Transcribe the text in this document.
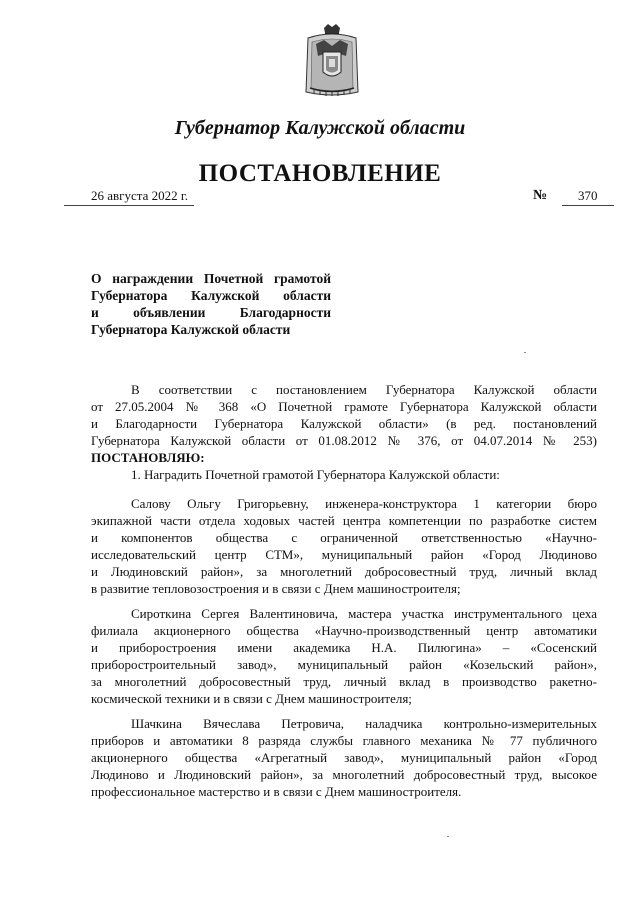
Губернатор Калужской области
ПОСТАНОВЛЕНИЕ
26 августа 2022 г.	№ 370
О награждении Почетной грамотой
Губернатора Калужской области
и объявлении Благодарности
Губернатора Калужской области
В соответствии с постановлением Губернатора Калужской области
от 27.05.2004 № 368 «О Почетной грамоте Губернатора Калужской области
и Благодарности Губернатора Калужской области» (в ред. постановлений
Губернатора Калужской области от 01.08.2012 № 376, от 04.07.2014 № 253)
ПОСТАНОВЛЯЮ:
1. Наградить Почетной грамотой Губернатора Калужской области:
Салову Ольгу Григорьевну, инженера-конструктора 1 категории бюро
экипажной части отдела ходовых частей центра компетенции по разработке систем
и компонентов общества с ограниченной ответственностью «Научно-
исследовательский центр СТМ», муниципальный район «Город Людиново
и Людиновский район», за многолетний добросовестный труд, личный вклад
в развитие тепловозостроения и в связи с Днем машиностроителя;
Сироткина Сергея Валентиновича, мастера участка инструментального цеха
филиала акционерного общества «Научно-производственный центр автоматики
и приборостроения имени академика Н.А. Пилюгина» – «Сосенский
приборостроительный завод», муниципальный район «Козельский район»,
за многолетний добросовестный труд, личный вклад в производство ракетно-
космической техники и в связи с Днем машиностроителя;
Шачкина Вячеслава Петровича, наладчика контрольно-измерительных
приборов и автоматики 8 разряда службы главного механика № 77 публичного
акционерного общества «Агрегатный завод», муниципальный район «Город
Людиново и Людиновский район», за многолетний добросовестный труд, высокое
профессиональное мастерство и в связи с Днем машиностроителя.
